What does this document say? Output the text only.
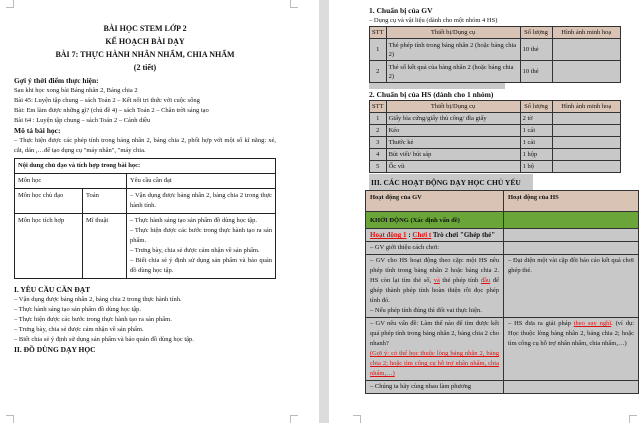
BÀI HỌC STEM LỚP 2
KẾ HOẠCH BÀI DẠY
BÀI 7: THỰC HÀNH NHÂN NHẨM, CHIA NHẨM
(2 tiết)
Gợi ý thời điểm thực hiện:
Sau khi học xong bài Bảng nhân 2, Bảng chia 2
Bài 45: Luyện tập chung – sách Toán 2 – Kết nối tri thức với cuộc sống
Bài: Em làm được những gì? (chủ đề 4) – sách Toán 2 – Chân trời sáng tạo
Bài 64 : Luyện tập chung – sách Toán 2 – Cánh diều
Mô tả bài học:
– Thực hiện được các phép tính trong bảng nhân 2, bảng chia 2, phối hợp với một số kĩ năng: xé, cắt, dán ,…để tạo dụng cụ "máy nhân", "máy chia.
Nội dung chủ đạo và tích hợp trong bài học:		
Môn học		Yêu cầu cần đạt
Môn học chủ đạo	Toán	– Vận dụng được bảng nhân 2, bảng chia 2 trong thực hành tính.
Môn học tích hợp	Mĩ thuật	– Thực hành sáng tạo sản phẩm đồ dùng học tập.
– Thực hiện được các bước trong thực hành tạo ra sản phẩm.
– Trưng bày, chia sẻ được cảm nhận về sản phẩm.
– Biết chia sẻ ý định sử dụng sản phẩm và bảo quản đồ dùng học tập.
I. YÊU CẦU CẦN ĐẠT
– Vận dụng được bảng nhân 2, bảng chia 2 trong thực hành tính.
– Thực hành sáng tạo sản phẩm đồ dùng học tập.
– Thực hiện được các bước trong thực hành tạo ra sản phẩm.
– Trưng bày, chia sẻ được cảm nhận về sản phẩm.
– Biết chia sẻ ý định sử dụng sản phẩm và bảo quản đồ dùng học tập.
II. ĐỒ DÙNG DẠY HỌC
1. Chuẩn bị của GV
– Dụng cụ và vật liệu (dành cho một nhóm 4 HS)
STT	Thiết bị/Dụng cụ	Số lượng	Hình ảnh minh hoạ
1	Thẻ phép tính trong bảng nhân 2 (hoặc bảng chia 2)	10 thẻ	
2	Thẻ số kết quả của bảng nhân 2 (hoặc bảng chia 2)	10 thẻ	
2. Chuẩn bị của HS (dành cho 1 nhóm)
STT	Thiết bị/Dụng cụ	Số lượng	Hình ảnh minh hoạ
1	Giấy bìa cứng/giấy thủ công/ đĩa giấy	2 tờ	
2	Kéo	1 cái	
3	Thước kẻ	1 cái	
4	Bút viết/ bút sáp	1 hộp	
5	Ốc vít	1 bộ	
III. CÁC HOẠT ĐỘNG DẠY HỌC CHỦ YẾU
Hoạt động của GV	Hoạt động của HS
KHỞI ĐỘNG (Xác định vấn đề)	
Hoạt động 1 : Chơi t Trò chơi "Ghép thẻ"	
– GV giới thiệu cách chơi:	
– GV cho HS hoạt động theo cặp: một HS nêu phép tính trong bảng nhân 2 hoặc bảng chia 2. HS còn lại tìm thẻ số, và thẻ phép tính đầu để ghép thành phép tính hoàn thiện rồi đọc phép tính đó.
– Nếu phép tính đúng thì đổi vai thực hiện.	– Đại diện một vài cặp đôi báo cáo kết quả chơi ghép thẻ.

– GV nêu vấn đề: Làm thế nào để tìm được kết quả phép tính trong bảng nhân 2, bảng chia 2 cho nhanh?
(Gợi ý: có thể học thuộc lòng bảng nhân 2, bảng chia 2; hoặc tìm công cụ hỗ trợ nhân nhẩm, chia nhẩm,…)	– HS đưa ra giải pháp theo suy nghĩ. (ví dụ: Học thuộc lòng bảng nhân 2, bảng chia 2; hoặc tìm công cụ hỗ trợ nhân nhẩm, chia nhẩm,…)
– Chúng ta hãy cùng nhau làm phương	
